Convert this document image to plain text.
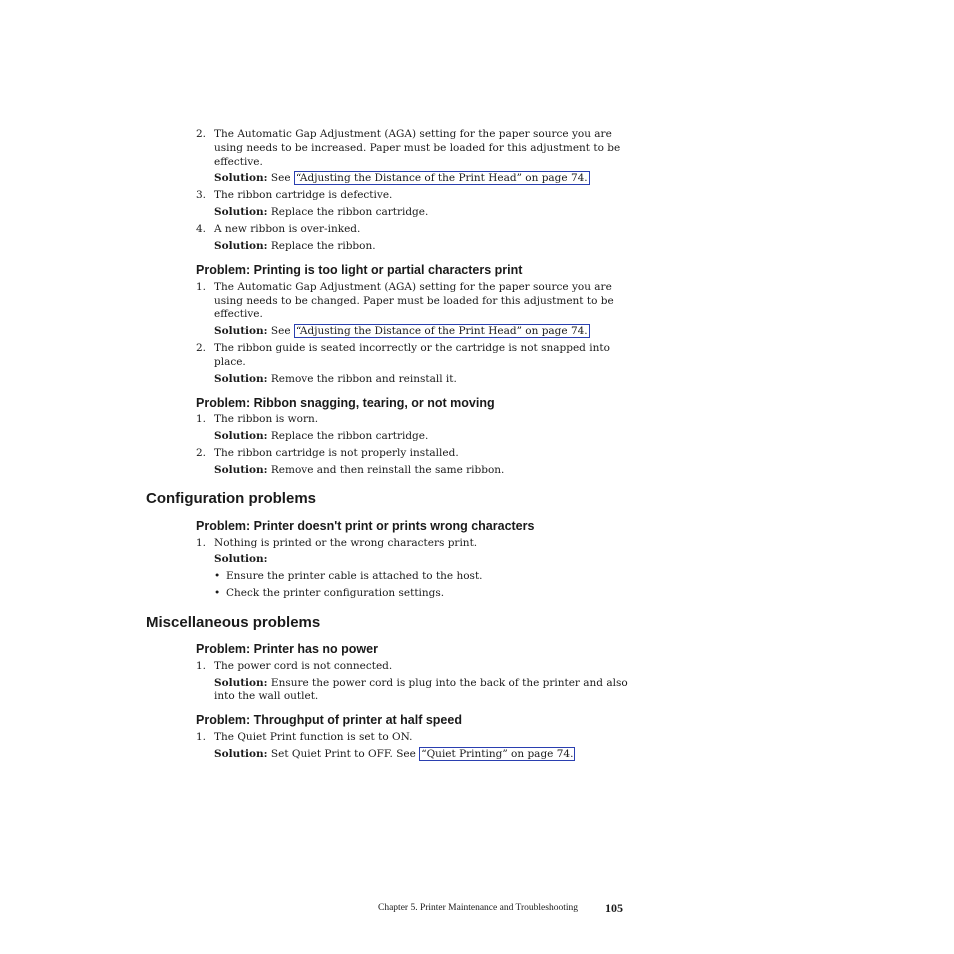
2. The Automatic Gap Adjustment (AGA) setting for the paper source you are
using needs to be increased. Paper must be loaded for this adjustment to be
effective.
Solution: See “Adjusting the Distance of the Print Head” on page 74.
3. The ribbon cartridge is defective.
Solution: Replace the ribbon cartridge.
4. A new ribbon is over-inked.
Solution: Replace the ribbon.
Problem: Printing is too light or partial characters print
1. The Automatic Gap Adjustment (AGA) setting for the paper source you are
using needs to be changed. Paper must be loaded for this adjustment to be
effective.
Solution: See “Adjusting the Distance of the Print Head” on page 74.
2. The ribbon guide is seated incorrectly or the cartridge is not snapped into
place.
Solution: Remove the ribbon and reinstall it.
Problem: Ribbon snagging, tearing, or not moving
1. The ribbon is worn.
Solution: Replace the ribbon cartridge.
2. The ribbon cartridge is not properly installed.
Solution: Remove and then reinstall the same ribbon.
Configuration problems
Problem: Printer doesn't print or prints wrong characters
1. Nothing is printed or the wrong characters print.
Solution:
• Ensure the printer cable is attached to the host.
• Check the printer configuration settings.
Miscellaneous problems
Problem: Printer has no power
1. The power cord is not connected.
Solution: Ensure the power cord is plug into the back of the printer and also
into the wall outlet.
Problem: Throughput of printer at half speed
1. The Quiet Print function is set to ON.
Solution: Set Quiet Print to OFF. See “Quiet Printing” on page 74.
Chapter 5. Printer Maintenance and Troubleshooting 105
